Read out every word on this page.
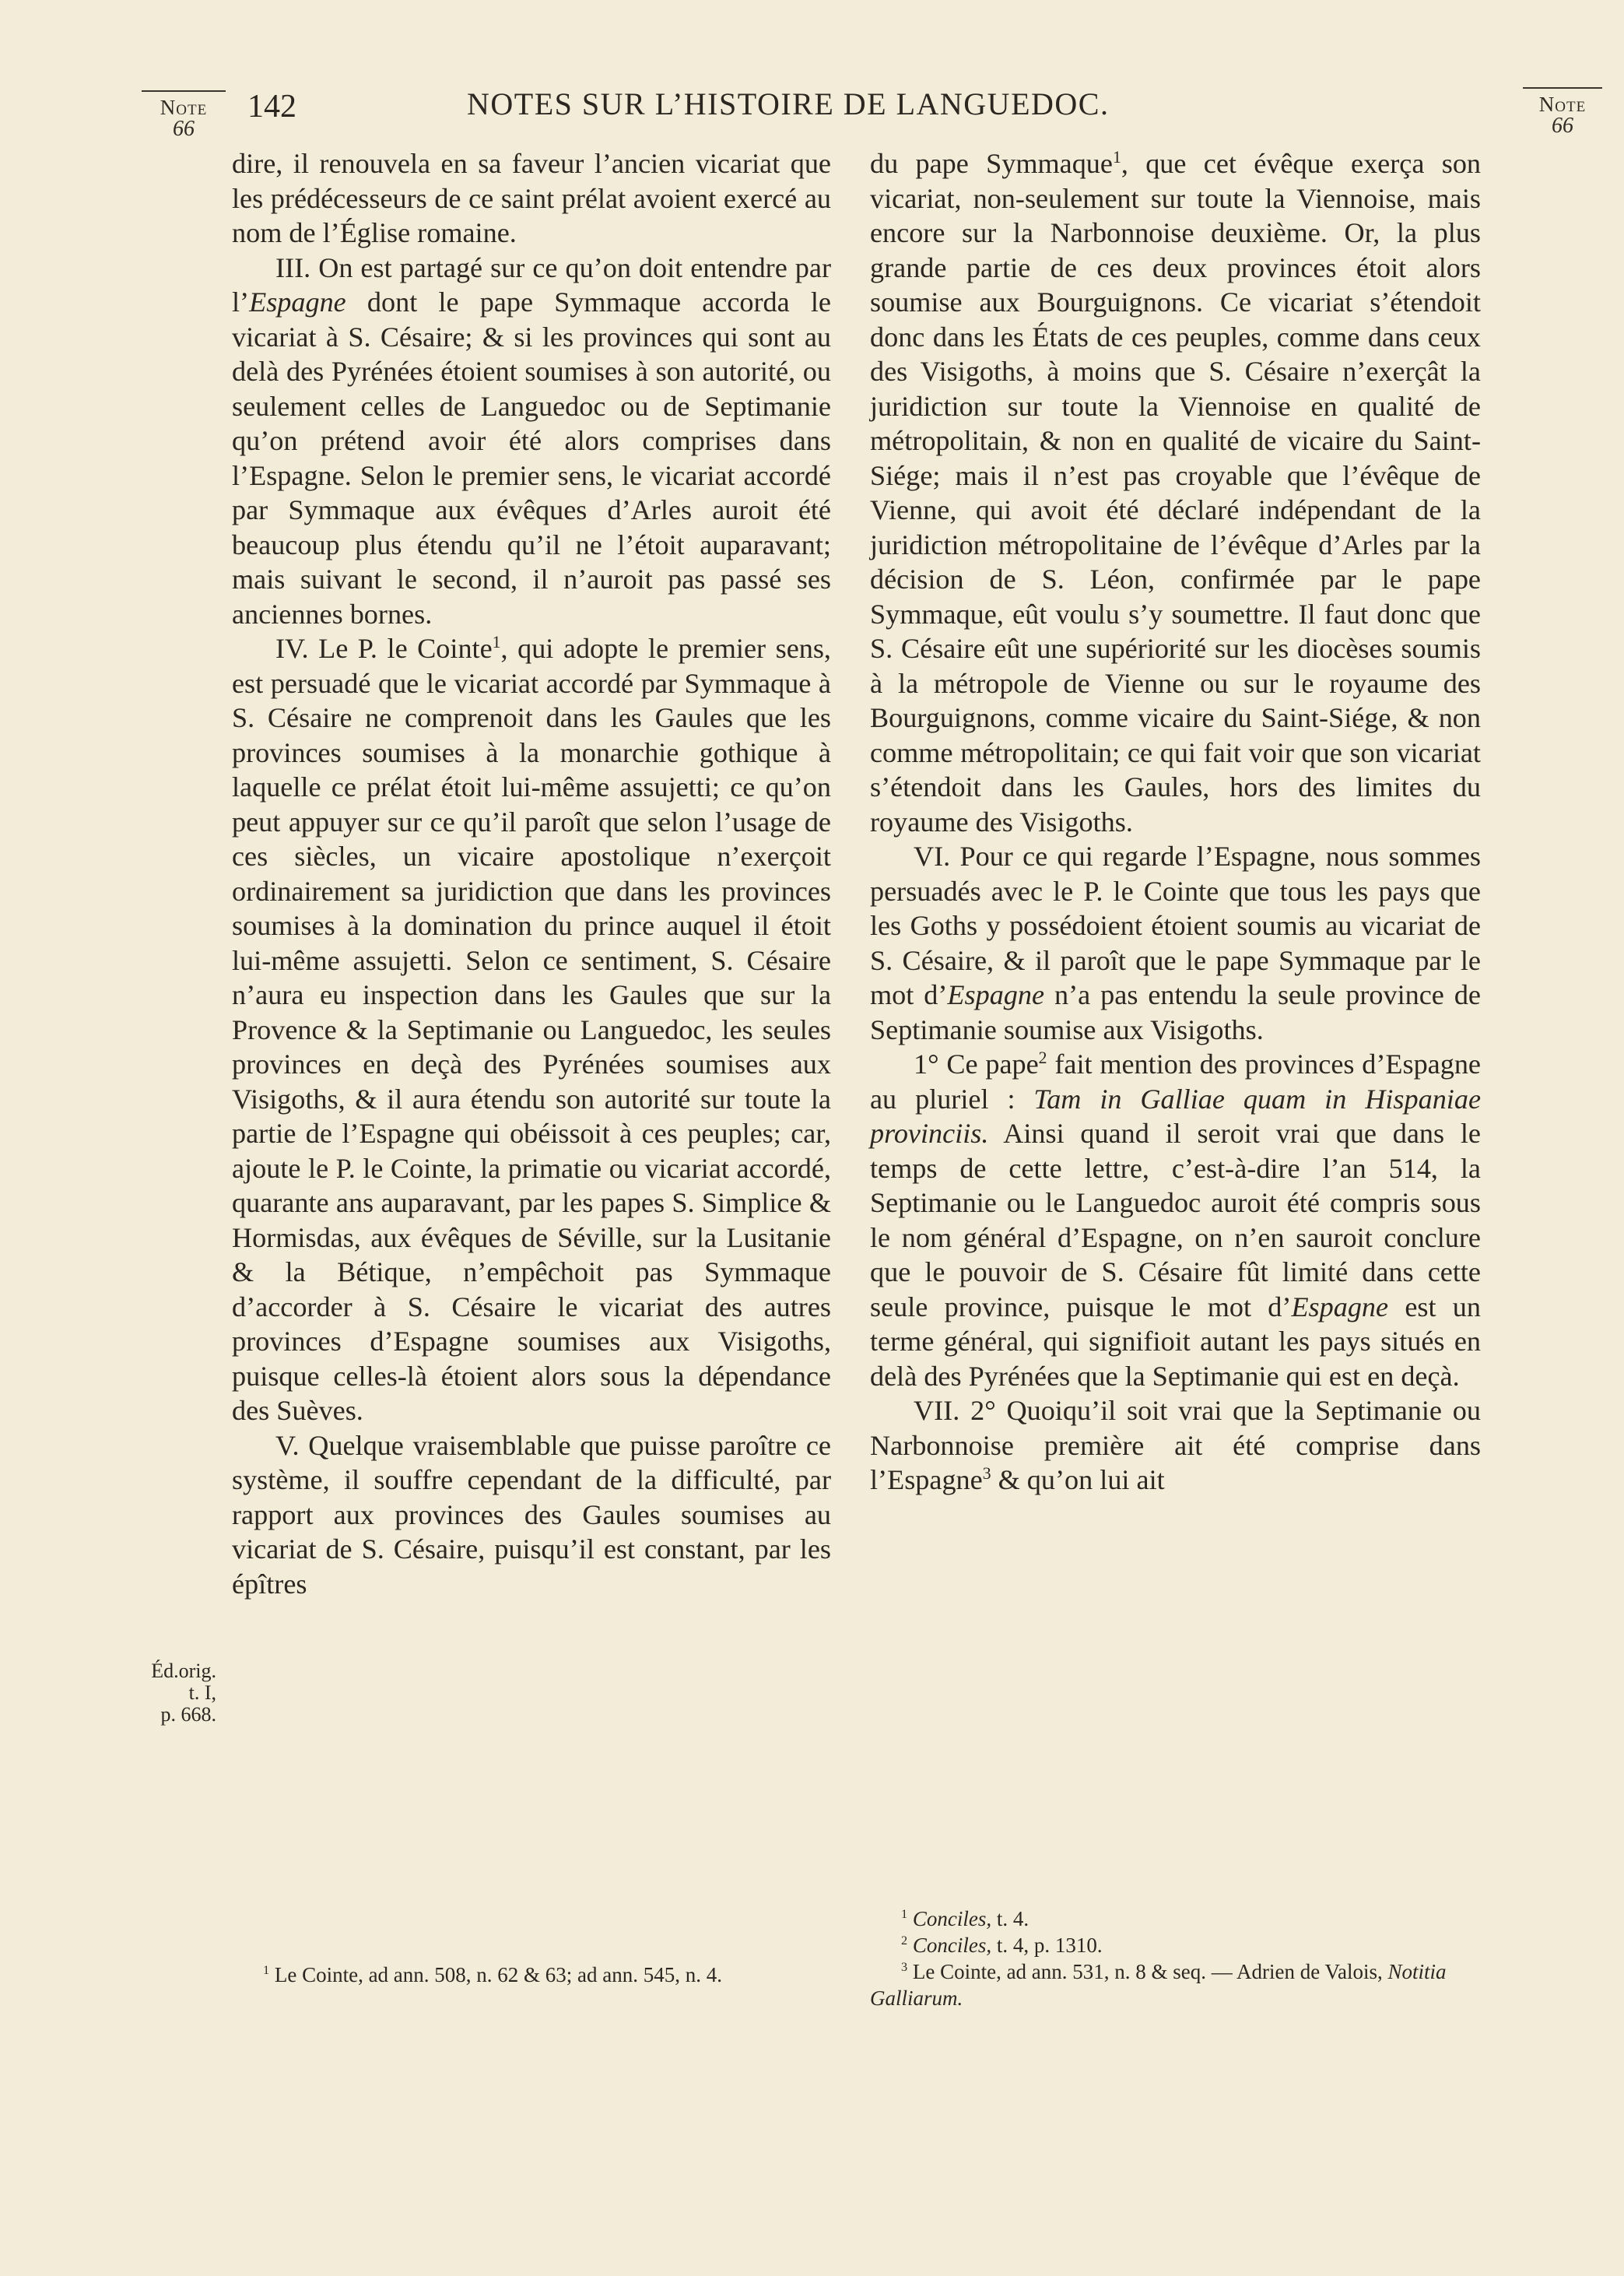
Note
66
142	NOTES SUR L’HISTOIRE DE LANGUEDOC.	Note
66

dire, il renouvela en sa faveur l’ancien vicariat que les prédécesseurs de ce saint prélat avoient exercé au nom de l’Église romaine.

III. On est partagé sur ce qu’on doit entendre par l’Espagne dont le pape Symmaque accorda le vicariat à S. Césaire; & si les provinces qui sont au delà des Pyrénées étoient soumises à son autorité, ou seulement celles de Languedoc ou de Septimanie qu’on prétend avoir été alors comprises dans l’Espagne. Selon le premier sens, le vicariat accordé par Symmaque aux évêques d’Arles auroit été beaucoup plus étendu qu’il ne l’étoit auparavant; mais suivant le second, il n’auroit pas passé ses anciennes bornes.

IV. Le P. le Cointe$^1$, qui adopte le premier sens, est persuadé que le vicariat accordé par Symmaque à S. Césaire ne comprenoit dans les Gaules que les provinces soumises à la monarchie gothique à laquelle ce prélat étoit lui-même assujetti; ce qu’on peut appuyer sur ce qu’il paroît que selon l’usage de ces siècles, un vicaire apostolique n’exerçoit ordinairement sa juridiction que dans les provinces soumises à la domination du prince auquel il étoit lui-même assujetti. Selon ce sentiment, S. Césaire n’aura eu inspection dans les Gaules que sur la Provence & la Septimanie ou Languedoc, les seules provinces en deçà des Pyrénées soumises aux Visigoths, & il aura étendu son autorité sur toute la partie de l’Espagne qui obéissoit à ces peuples; car, ajoute le P. le Cointe, la primatie ou vicariat accordé, quarante ans auparavant, par les papes S. Simplice & Hormisdas, aux évêques de Séville, sur la Lusitanie & la Bétique, n’empêchoit pas Symmaque d’accorder à S. Césaire le vicariat des autres provinces d’Espagne soumises aux Visigoths, puisque celles-là étoient alors sous la dépendance des Suèves.

V. Quelque vraisemblable que puisse paroître ce système, il souffre cependant de la difficulté, par rapport aux provinces des Gaules soumises au vicariat de S. Césaire, puisqu’il est constant, par les épîtres

Éd.orig.
t. I,
p. 668.

du pape Symmaque$^1$, que cet évêque exerça son vicariat, non-seulement sur toute la Viennoise, mais encore sur la Narbonnoise deuxième. Or, la plus grande partie de ces deux provinces étoit alors soumise aux Bourguignons. Ce vicariat s’étendoit donc dans les États de ces peuples, comme dans ceux des Visigoths, à moins que S. Césaire n’exerçât la juridiction sur toute la Viennoise en qualité de métropolitain, & non en qualité de vicaire du Saint-Siége; mais il n’est pas croyable que l’évêque de Vienne, qui avoit été déclaré indépendant de la juridiction métropolitaine de l’évêque d’Arles par la décision de S. Léon, confirmée par le pape Symmaque, eût voulu s’y soumettre. Il faut donc que S. Césaire eût une supériorité sur les diocèses soumis à la métropole de Vienne ou sur le royaume des Bourguignons, comme vicaire du Saint-Siége, & non comme métropolitain; ce qui fait voir que son vicariat s’étendoit dans les Gaules, hors des limites du royaume des Visigoths.

VI. Pour ce qui regarde l’Espagne, nous sommes persuadés avec le P. le Cointe que tous les pays que les Goths y possédoient étoient soumis au vicariat de S. Césaire, & il paroît que le pape Symmaque par le mot d’Espagne n’a pas entendu la seule province de Septimanie soumise aux Visigoths.

1° Ce pape$^2$ fait mention des provinces d’Espagne au pluriel : Tam in Galliae quam in Hispaniae provinciis. Ainsi quand il seroit vrai que dans le temps de cette lettre, c’est-à-dire l’an 514, la Septimanie ou le Languedoc auroit été compris sous le nom général d’Espagne, on n’en sauroit conclure que le pouvoir de S. Césaire fût limité dans cette seule province, puisque le mot d’Espagne est un terme général, qui signifioit autant les pays situés en delà des Pyrénées que la Septimanie qui est en deçà.

VII. 2° Quoiqu’il soit vrai que la Septimanie ou Narbonnoise première ait été comprise dans l’Espagne$^3$ & qu’on lui ait

$^1$ Le Cointe, ad ann. 508, n. 62 & 63; ad ann. 545, n. 4.

$^1$ Conciles, t. 4.

$^2$ Conciles, t. 4, p. 1310.

$^3$ Le Cointe, ad ann. 531, n. 8 & seq. — Adrien de Valois, Notitia Galliarum.
